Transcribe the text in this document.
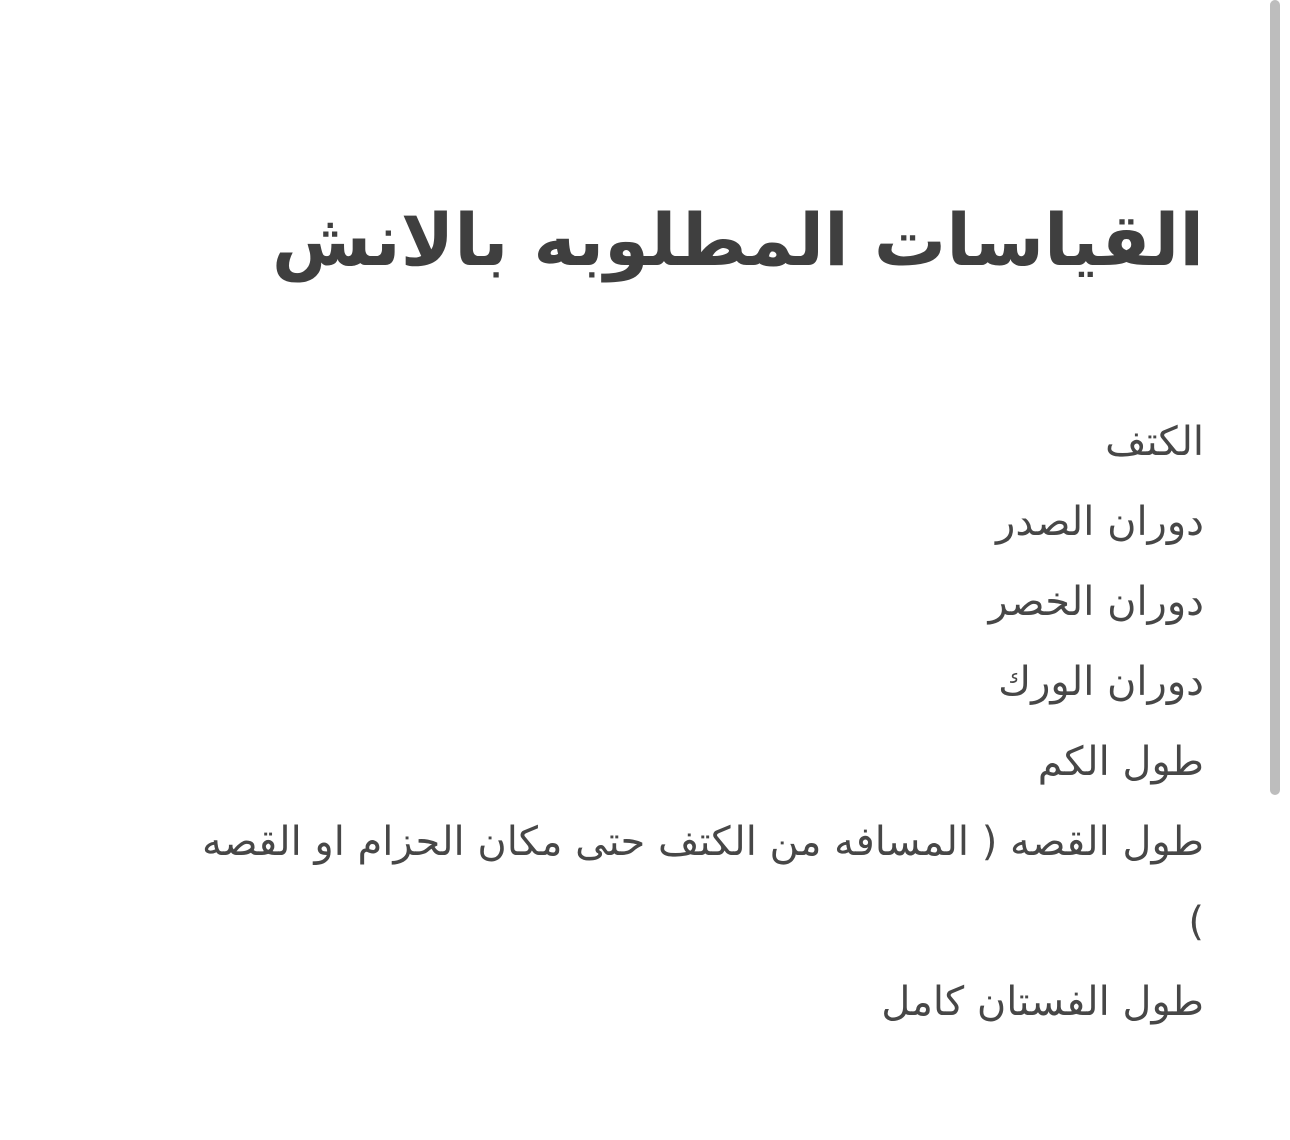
القياسات المطلوبه بالانش
الكتف
دوران الصدر
دوران الخصر
دوران الورك
طول الكم
طول القصه ( المسافه من الكتف حتى مكان الحزام او القصه )
طول الفستان كامل
